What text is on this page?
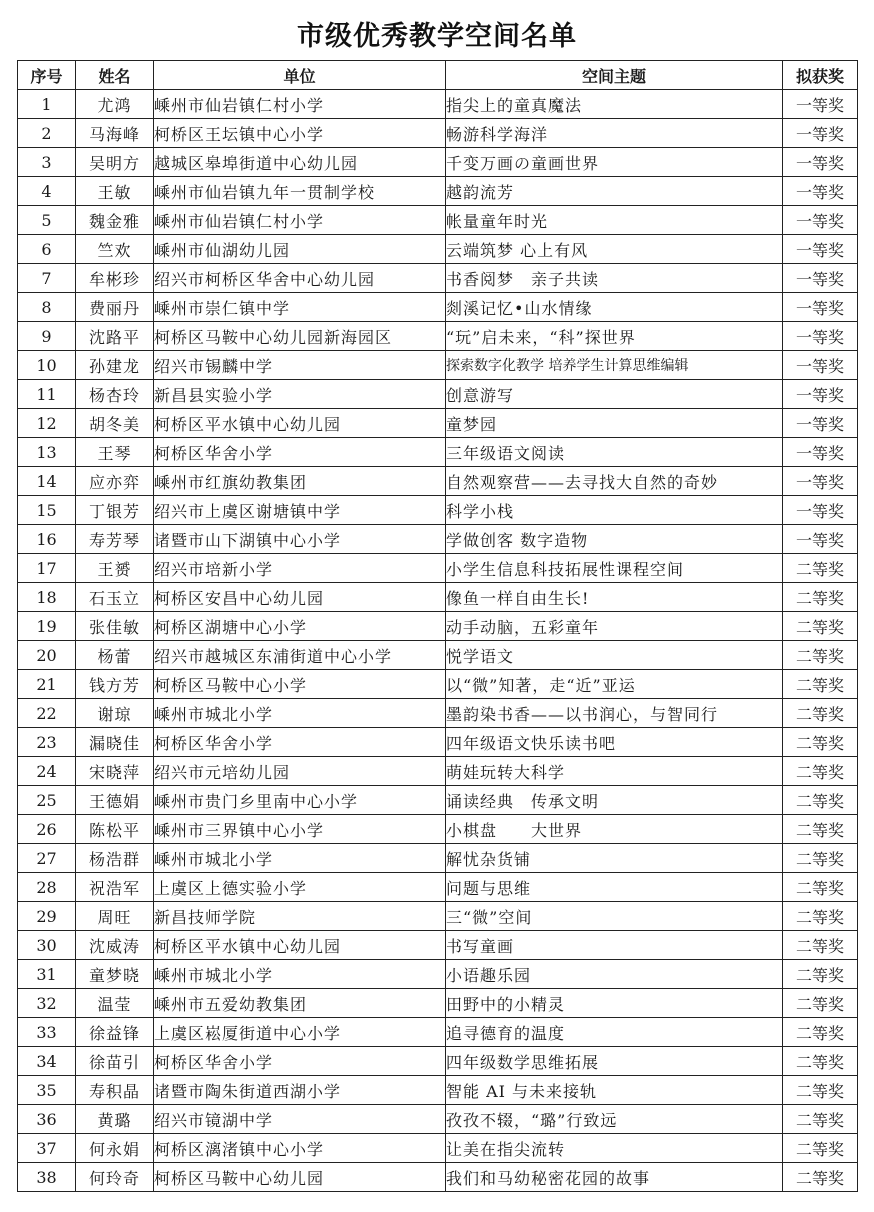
市级优秀教学空间名单
序号	姓名	单位	空间主题	拟获奖
1	尤鸿	嵊州市仙岩镇仁村小学	指尖上的童真魔法	一等奖
2	马海峰	柯桥区王坛镇中心小学	畅游科学海洋	一等奖
3	吴明方	越城区皋埠街道中心幼儿园	千变万画の童画世界	一等奖
4	王敏	嵊州市仙岩镇九年一贯制学校	越韵流芳	一等奖
5	魏金雅	嵊州市仙岩镇仁村小学	帐量童年时光	一等奖
6	竺欢	嵊州市仙湖幼儿园	云端筑梦 心上有风	一等奖
7	牟彬珍	绍兴市柯桥区华舍中心幼儿园	书香阅梦　亲子共读	一等奖
8	费丽丹	嵊州市崇仁镇中学	剡溪记忆•山水情缘	一等奖
9	沈路平	柯桥区马鞍中心幼儿园新海园区	“玩”启未来，“科”探世界	一等奖
10	孙建龙	绍兴市锡麟中学	探索数字化教学 培养学生计算思维编辑	一等奖
11	杨杏玲	新昌县实验小学	创意游写	一等奖
12	胡冬美	柯桥区平水镇中心幼儿园	童梦园	一等奖
13	王琴	柯桥区华舍小学	三年级语文阅读	一等奖
14	应亦弈	嵊州市红旗幼教集团	自然观察营——去寻找大自然的奇妙	一等奖
15	丁银芳	绍兴市上虞区谢塘镇中学	科学小栈	一等奖
16	寿芳琴	诸暨市山下湖镇中心小学	学做创客 数字造物	一等奖
17	王赟	绍兴市培新小学	小学生信息科技拓展性课程空间	二等奖
18	石玉立	柯桥区安昌中心幼儿园	像鱼一样自由生长!	二等奖
19	张佳敏	柯桥区湖塘中心小学	动手动脑，五彩童年	二等奖
20	杨蕾	绍兴市越城区东浦街道中心小学	悦学语文	二等奖
21	钱方芳	柯桥区马鞍中心小学	以“微”知著，走“近”亚运	二等奖
22	谢琼	嵊州市城北小学	墨韵染书香——以书润心，与智同行	二等奖
23	漏晓佳	柯桥区华舍小学	四年级语文快乐读书吧	二等奖
24	宋晓萍	绍兴市元培幼儿园	萌娃玩转大科学	二等奖
25	王德娟	嵊州市贵门乡里南中心小学	诵读经典　传承文明	二等奖
26	陈松平	嵊州市三界镇中心小学	小棋盘　　大世界	二等奖
27	杨浩群	嵊州市城北小学	解忧杂货铺	二等奖
28	祝浩军	上虞区上德实验小学	问题与思维	二等奖
29	周旺	新昌技师学院	三“微”空间	二等奖
30	沈威涛	柯桥区平水镇中心幼儿园	书写童画	二等奖
31	童梦晓	嵊州市城北小学	小语趣乐园	二等奖
32	温莹	嵊州市五爱幼教集团	田野中的小精灵	二等奖
33	徐益锋	上虞区崧厦街道中心小学	追寻德育的温度	二等奖
34	徐苗引	柯桥区华舍小学	四年级数学思维拓展	二等奖
35	寿积晶	诸暨市陶朱街道西湖小学	智能 AI 与未来接轨	二等奖
36	黄璐	绍兴市镜湖中学	孜孜不辍，“璐”行致远	二等奖
37	何永娟	柯桥区漓渚镇中心小学	让美在指尖流转	二等奖
38	何玲奇	柯桥区马鞍中心幼儿园	我们和马幼秘密花园的故事	二等奖
